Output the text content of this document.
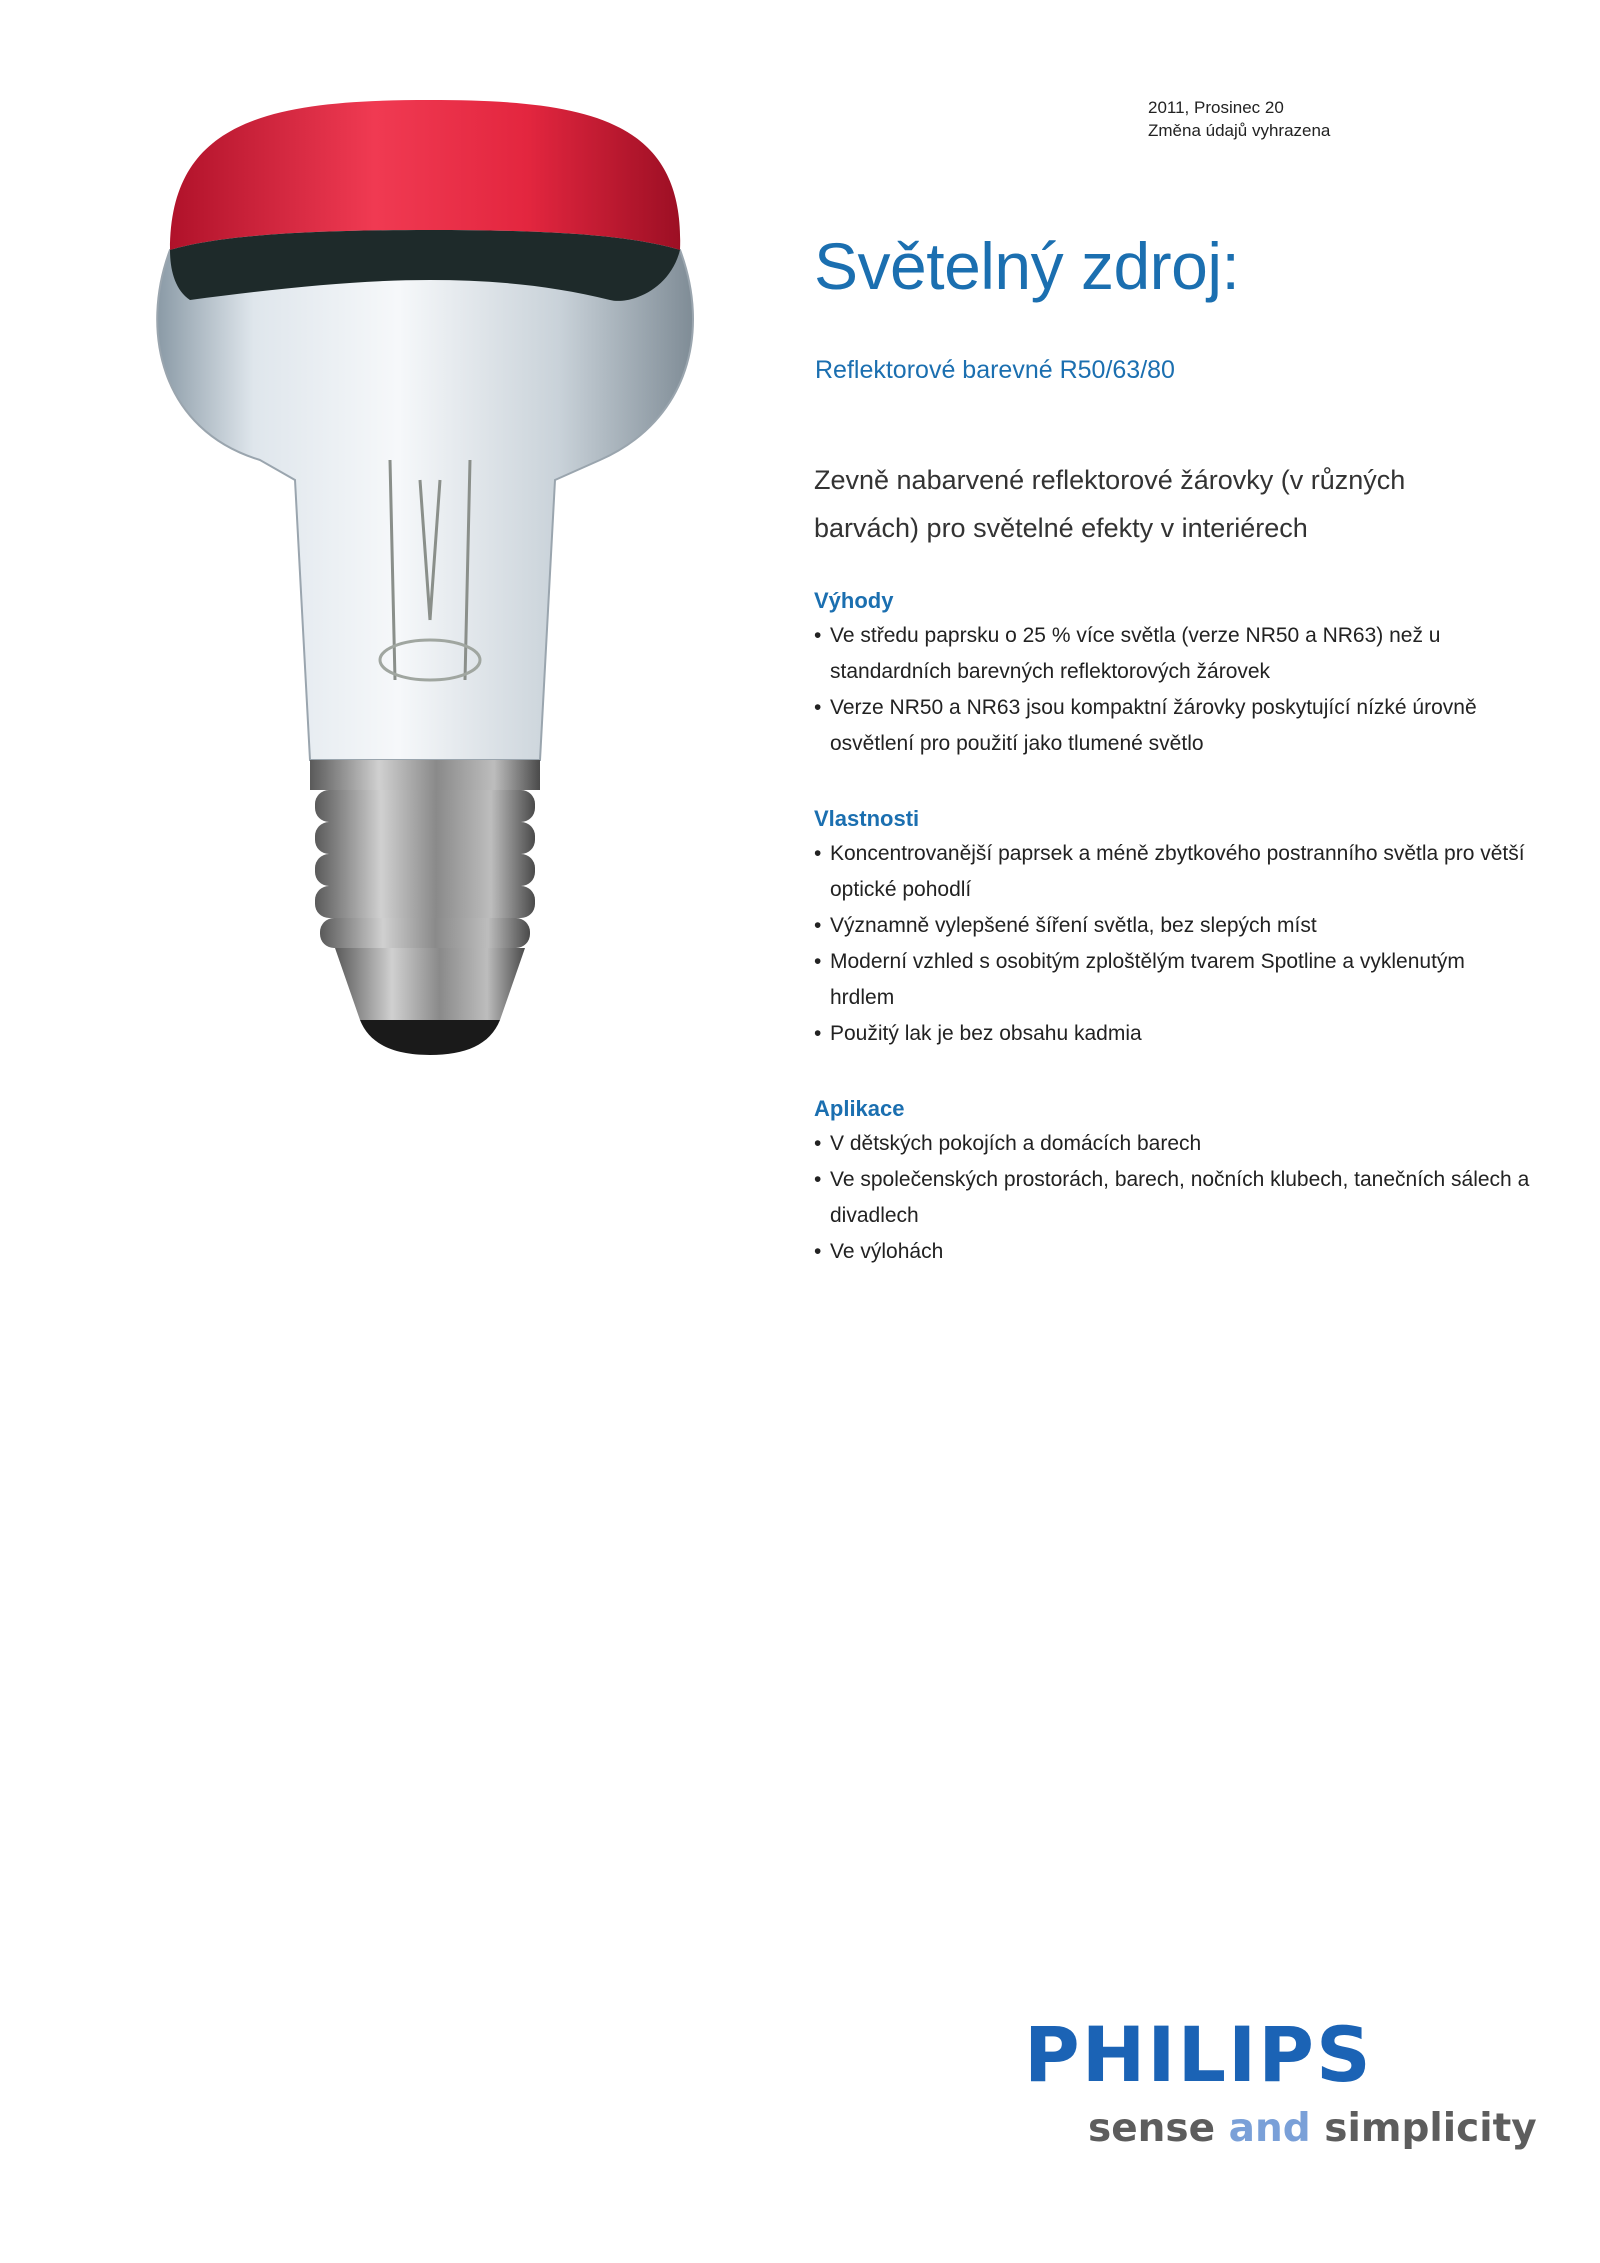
2011, Prosinec 20
Změna údajů vyhrazena
Světelný zdroj:
Reflektorové barevné R50/63/80
Zevně nabarvené reflektorové žárovky (v různých barvách) pro světelné efekty v interiérech
Výhody
• Ve středu paprsku o 25 % více světla (verze NR50 a NR63) než u standardních barevných reflektorových žárovek
• Verze NR50 a NR63 jsou kompaktní žárovky poskytující nízké úrovně osvětlení pro použití jako tlumené světlo
Vlastnosti
• Koncentrovanější paprsek a méně zbytkového postranního světla pro větší optické pohodlí
• Významně vylepšené šíření světla, bez slepých míst
• Moderní vzhled s osobitým zploštělým tvarem Spotline a vyklenutým hrdlem
• Použitý lak je bez obsahu kadmia
Aplikace
• V dětských pokojích a domácích barech
• Ve společenských prostorách, barech, nočních klubech, tanečních sálech a divadlech
• Ve výlohách
PHILIPS
sense and simplicity
